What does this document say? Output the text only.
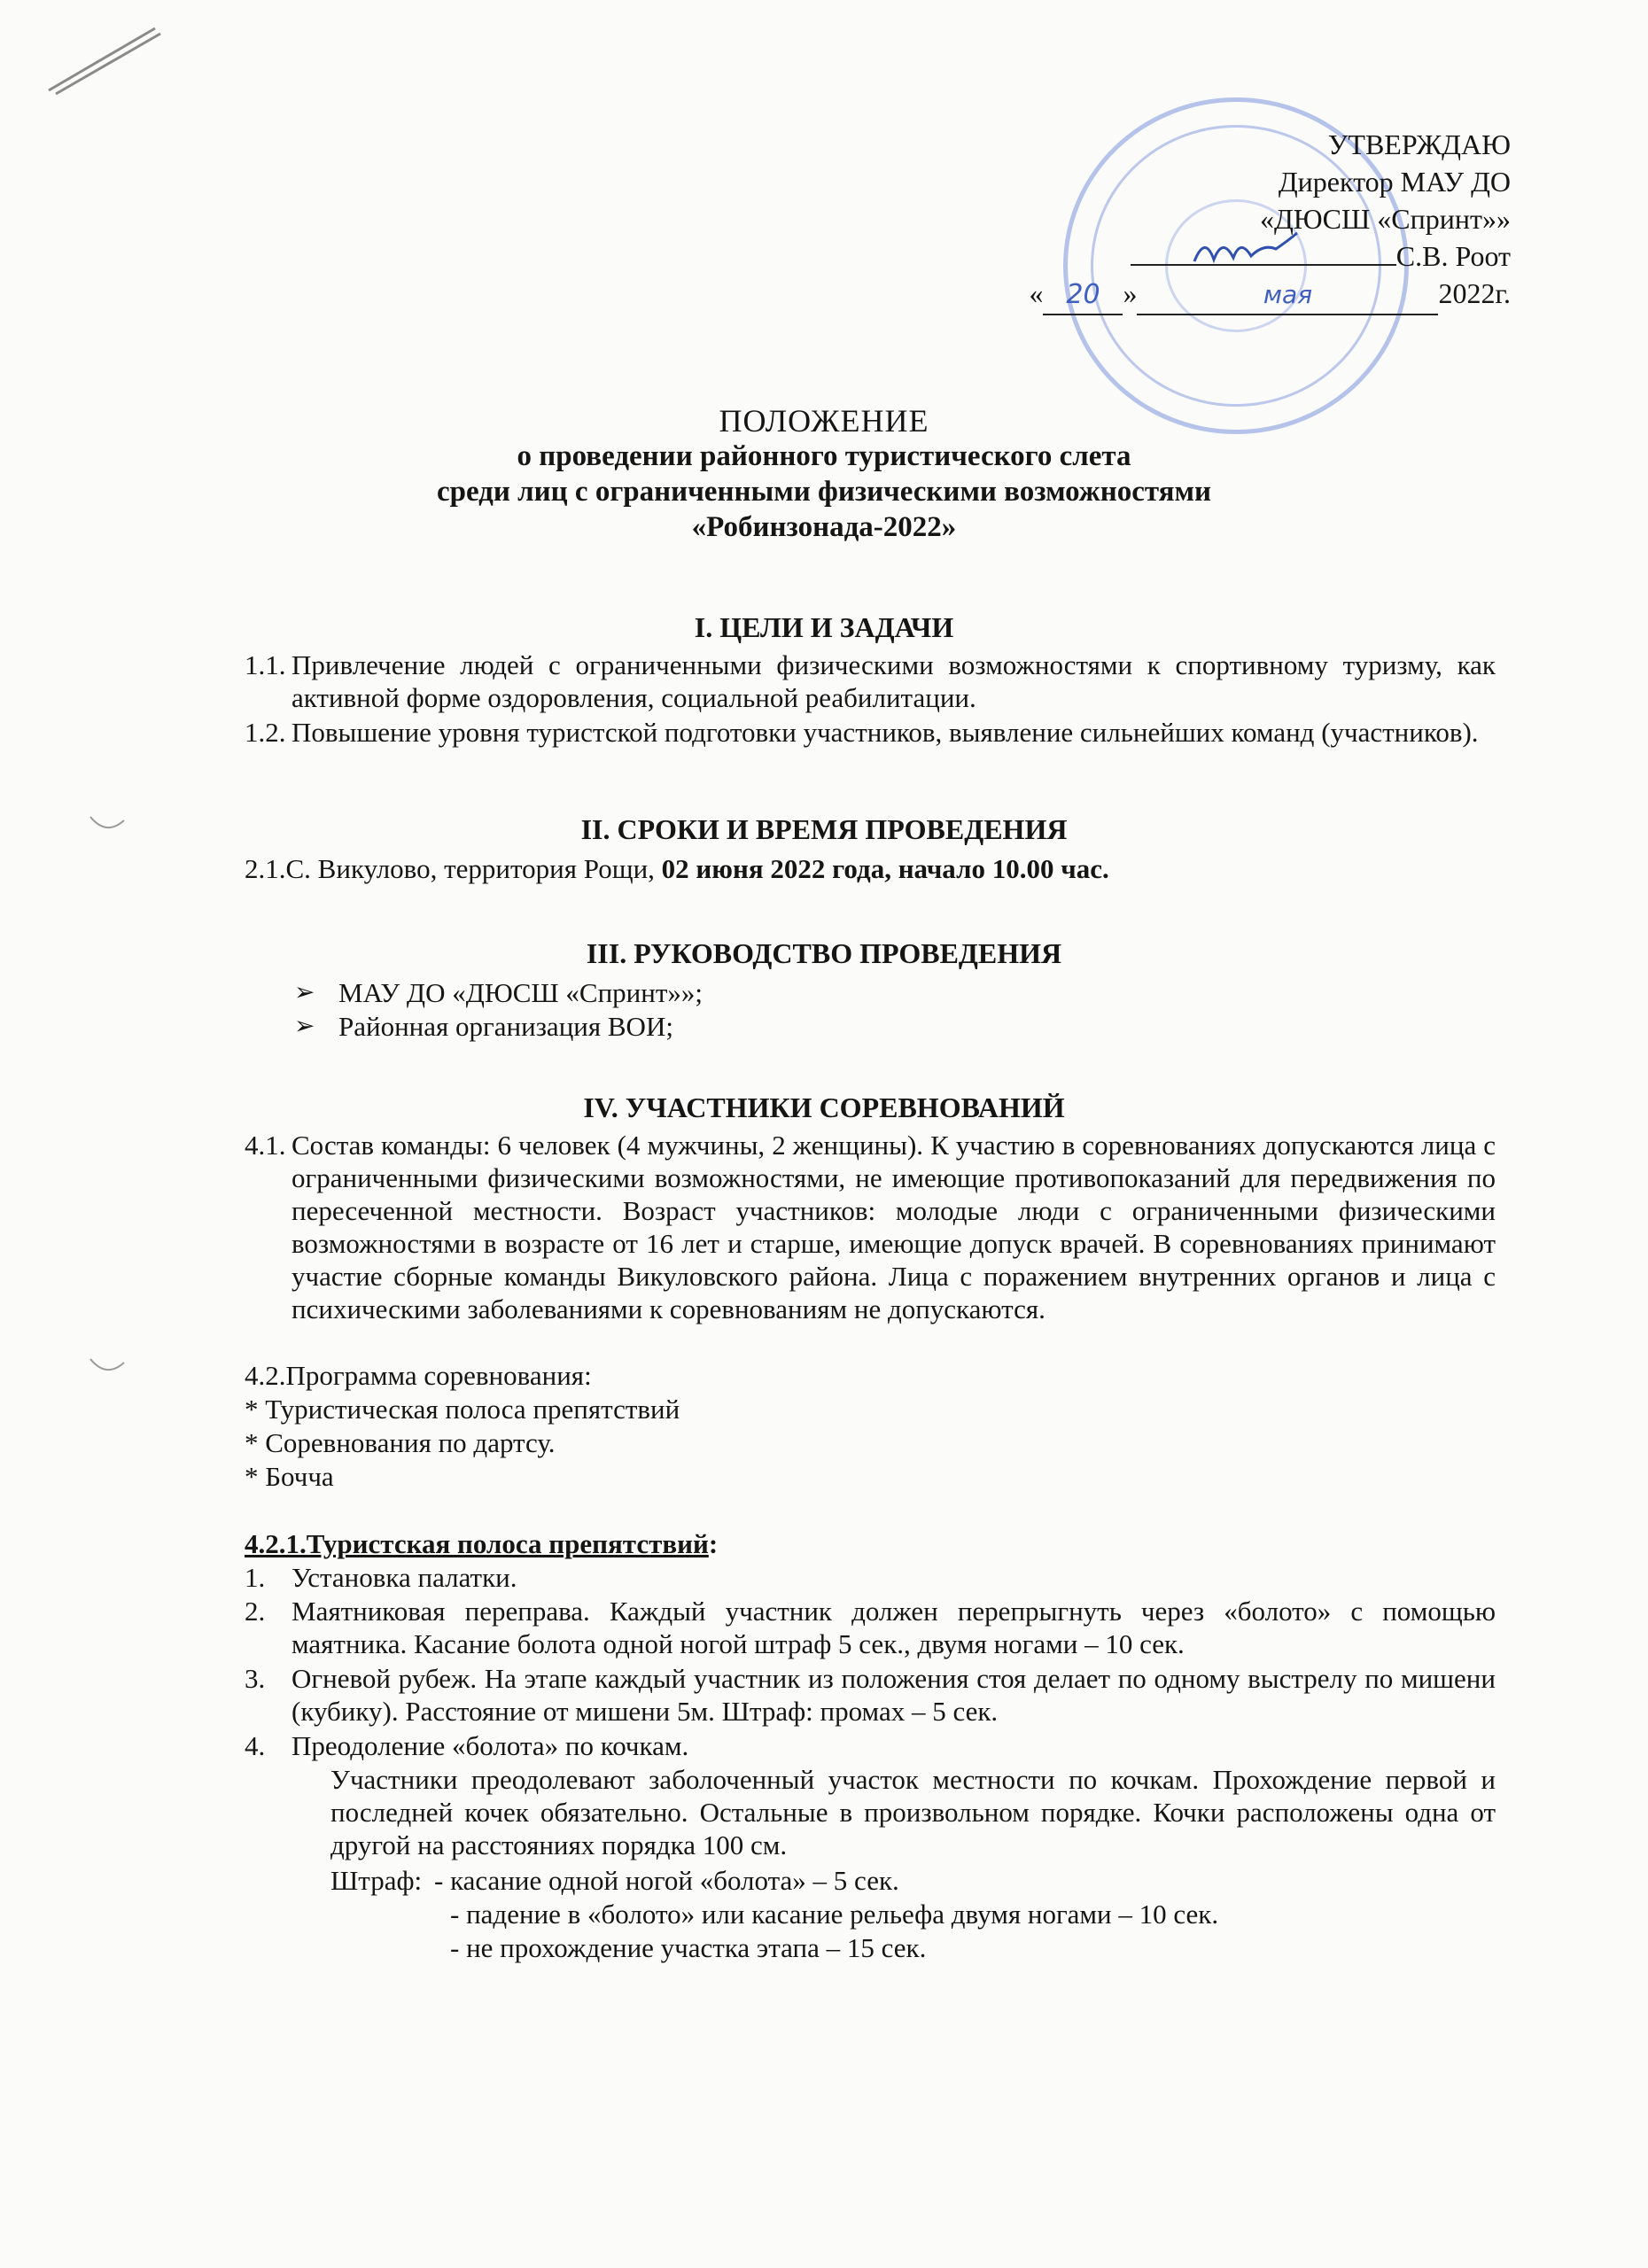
УТВЕРЖДАЮ
Директор МАУ ДО
«ДЮСШ «Спринт»»
С.В. Роот
« 20 »	мая	2022г.
ПОЛОЖЕНИЕ
о проведении районного туристического слета
среди лиц с ограниченными физическими возможностями
«Робинзонада-2022»
I. ЦЕЛИ И ЗАДАЧИ
1.1. Привлечение людей с ограниченными физическими возможностями к спортивному туризму, как активной форме оздоровления, социальной реабилитации.
1.2. Повышение уровня туристской подготовки участников, выявление сильнейших команд (участников).
II. СРОКИ И ВРЕМЯ ПРОВЕДЕНИЯ
2.1.С. Викулово, территория Рощи, 02 июня 2022 года, начало 10.00 час.
III. РУКОВОДСТВО ПРОВЕДЕНИЯ
➢ МАУ ДО «ДЮСШ «Спринт»»;
➢ Районная организация ВОИ;
IV. УЧАСТНИКИ СОРЕВНОВАНИЙ
4.1. Состав команды: 6 человек (4 мужчины, 2 женщины). К участию в соревнованиях допускаются лица с ограниченными физическими возможностями, не имеющие противопоказаний для передвижения по пересеченной местности. Возраст участников: молодые люди с ограниченными физическими возможностями в возрасте от 16 лет и старше, имеющие допуск врачей. В соревнованиях принимают участие сборные команды Викуловского района. Лица с поражением внутренних органов и лица с психическими заболеваниями к соревнованиям не допускаются.
4.2.Программа соревнования:
* Туристическая полоса препятствий
* Соревнования по дартсу.
* Бочча
4.2.1.Туристская полоса препятствий:
1. Установка палатки.
2. Маятниковая переправа. Каждый участник должен перепрыгнуть через «болото» с помощью маятника. Касание болота одной ногой штраф 5 сек., двумя ногами – 10 сек.
3. Огневой рубеж. На этапе каждый участник из положения стоя делает по одному выстрелу по мишени (кубику). Расстояние от мишени 5м. Штраф: промах – 5 сек.
4. Преодоление «болота» по кочкам.
Участники преодолевают заболоченный участок местности по кочкам. Прохождение первой и последней кочек обязательно. Остальные в произвольном порядке. Кочки расположены одна от другой на расстояниях порядка 100 см.
Штраф: - касание одной ногой «болота» – 5 сек.
- падение в «болото» или касание рельефа двумя ногами – 10 сек.
- не прохождение участка этапа – 15 сек.
